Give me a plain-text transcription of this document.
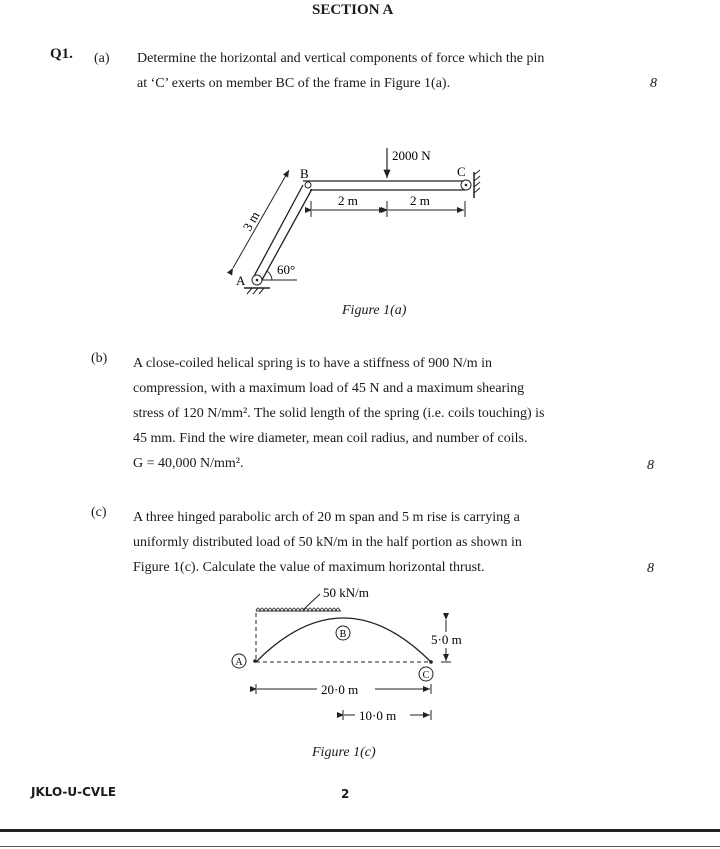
SECTION A
Q1. (a) Determine the horizontal and vertical components of force which the pin
at ‘C’ exerts on member BC of the frame in Figure 1(a).	8
2000 N
B	C
A
2 m	2 m
60°
3 m
Figure 1(a)
(b) A close-coiled helical spring is to have a stiffness of 900 N/m in
compression, with a maximum load of 45 N and a maximum shearing
stress of 120 N/mm². The solid length of the spring (i.e. coils touching) is
45 mm. Find the wire diameter, mean coil radius, and number of coils.
G = 40,000 N/mm².	8
(c) A three hinged parabolic arch of 20 m span and 5 m rise is carrying a
uniformly distributed load of 50 kN/m in the half portion as shown in
Figure 1(c). Calculate the value of maximum horizontal thrust.	8
50 kN/m
A
B
C
5·0 m
20·0 m
10·0 m
Figure 1(c)
JKLO-U-CVLE	2
